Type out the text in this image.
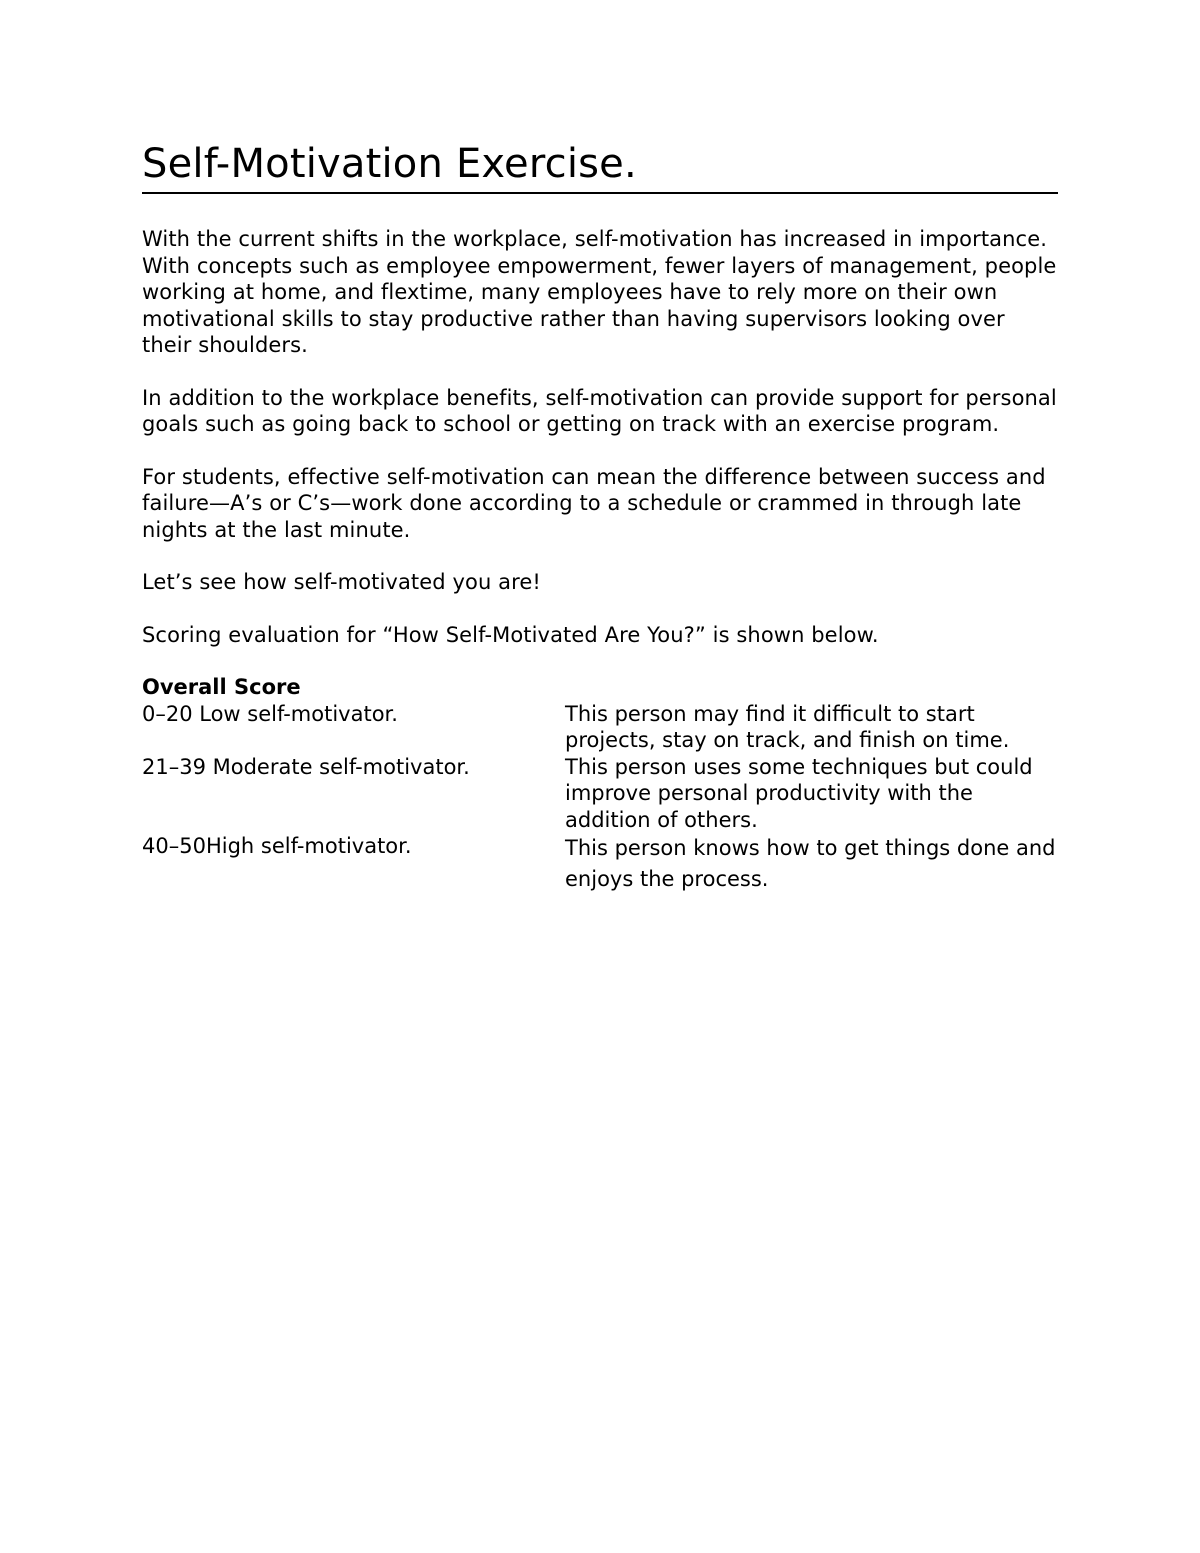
Self-Motivation Exercise.

With the current shifts in the workplace, self-motivation has increased in importance. With concepts such as employee empowerment, fewer layers of management, people working at home, and flextime, many employees have to rely more on their own motivational skills to stay productive rather than having supervisors looking over their shoulders.

In addition to the workplace benefits, self-motivation can provide support for personal goals such as going back to school or getting on track with an exercise program.

For students, effective self-motivation can mean the difference between success and failure—A’s or C’s—work done according to a schedule or crammed in through late nights at the last minute.

Let’s see how self-motivated you are!

Scoring evaluation for “How Self-Motivated Are You?” is shown below.

Overall Score
0–20 Low self-motivator.	This person may find it difficult to start projects, stay on track, and finish on time.
21–39 Moderate self-motivator.	This person uses some techniques but could improve personal productivity with the addition of others.
40–50High self-motivator.	This person knows how to get things done and enjoys the process.
